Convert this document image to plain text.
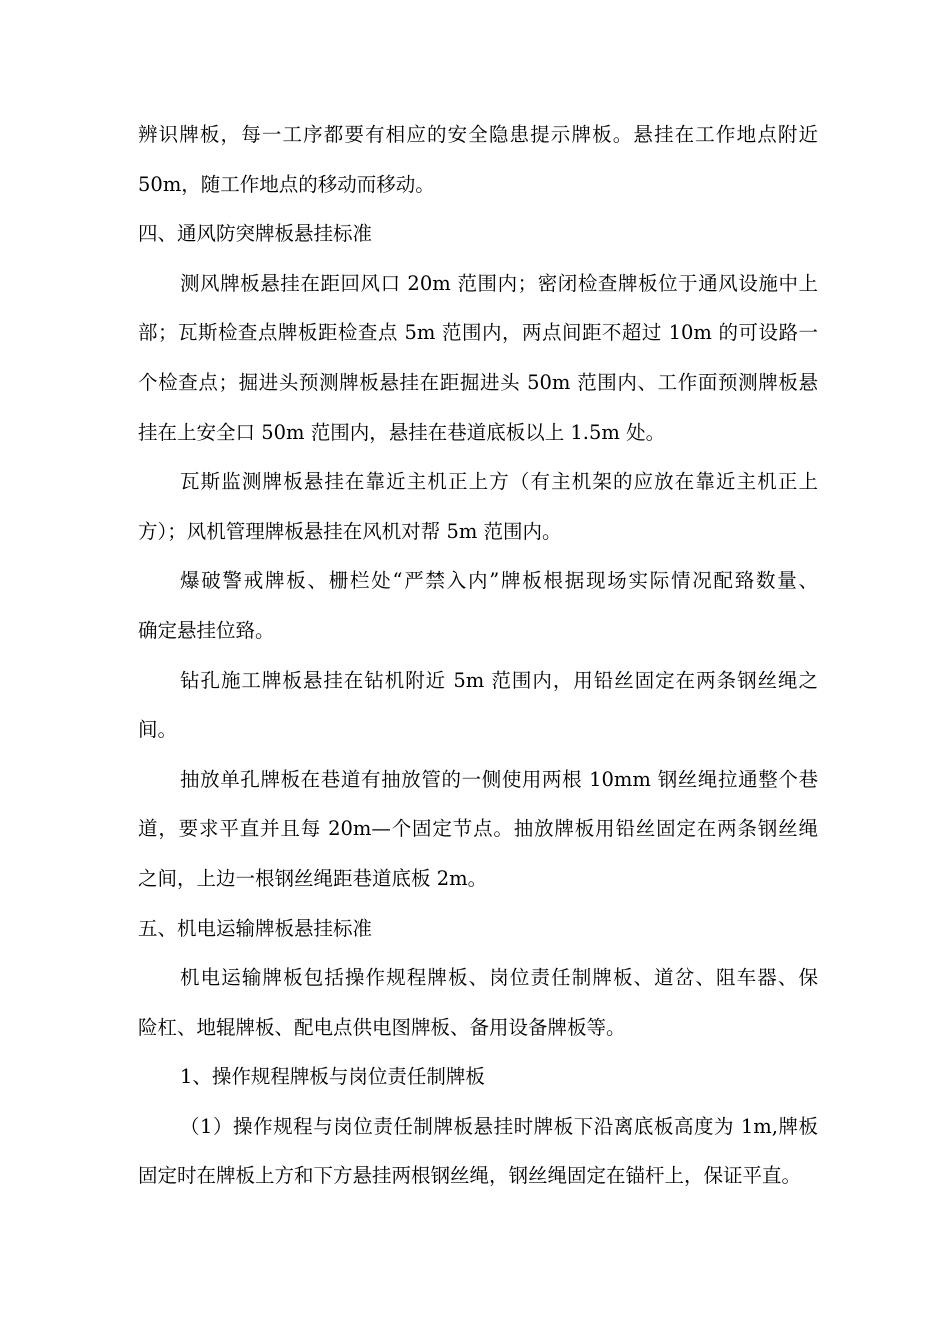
辨识牌板，每一工序都要有相应的安全隐患提示牌板。悬挂在工作地点附近
50m，随工作地点的移动而移动。
四、通风防突牌板悬挂标准
测风牌板悬挂在距回风口 20m 范围内；密闭检查牌板位于通风设施中上
部；瓦斯检查点牌板距检查点 5m 范围内，两点间距不超过 10m 的可设路一
个检查点；掘进头预测牌板悬挂在距掘进头 50m 范围内、工作面预测牌板悬
挂在上安全口 50m 范围内，悬挂在巷道底板以上 1.5m 处。
瓦斯监测牌板悬挂在靠近主机正上方（有主机架的应放在靠近主机正上
方）；风机管理牌板悬挂在风机对帮 5m 范围内。
爆破警戒牌板、栅栏处“严禁入内”牌板根据现场实际情况配臵数量、
确定悬挂位臵。
钻孔施工牌板悬挂在钻机附近 5m 范围内，用铅丝固定在两条钢丝绳之
间。
抽放单孔牌板在巷道有抽放管的一侧使用两根 10mm 钢丝绳拉通整个巷
道，要求平直并且每 20m—个固定节点。抽放牌板用铅丝固定在两条钢丝绳
之间，上边一根钢丝绳距巷道底板 2m。
五、机电运输牌板悬挂标准
机电运输牌板包括操作规程牌板、岗位责任制牌板、道岔、阻车器、保
险杠、地辊牌板、配电点供电图牌板、备用设备牌板等。
1、操作规程牌板与岗位责任制牌板
（1）操作规程与岗位责任制牌板悬挂时牌板下沿离底板高度为 1m,牌板
固定时在牌板上方和下方悬挂两根钢丝绳，钢丝绳固定在锚杆上，保证平直。
